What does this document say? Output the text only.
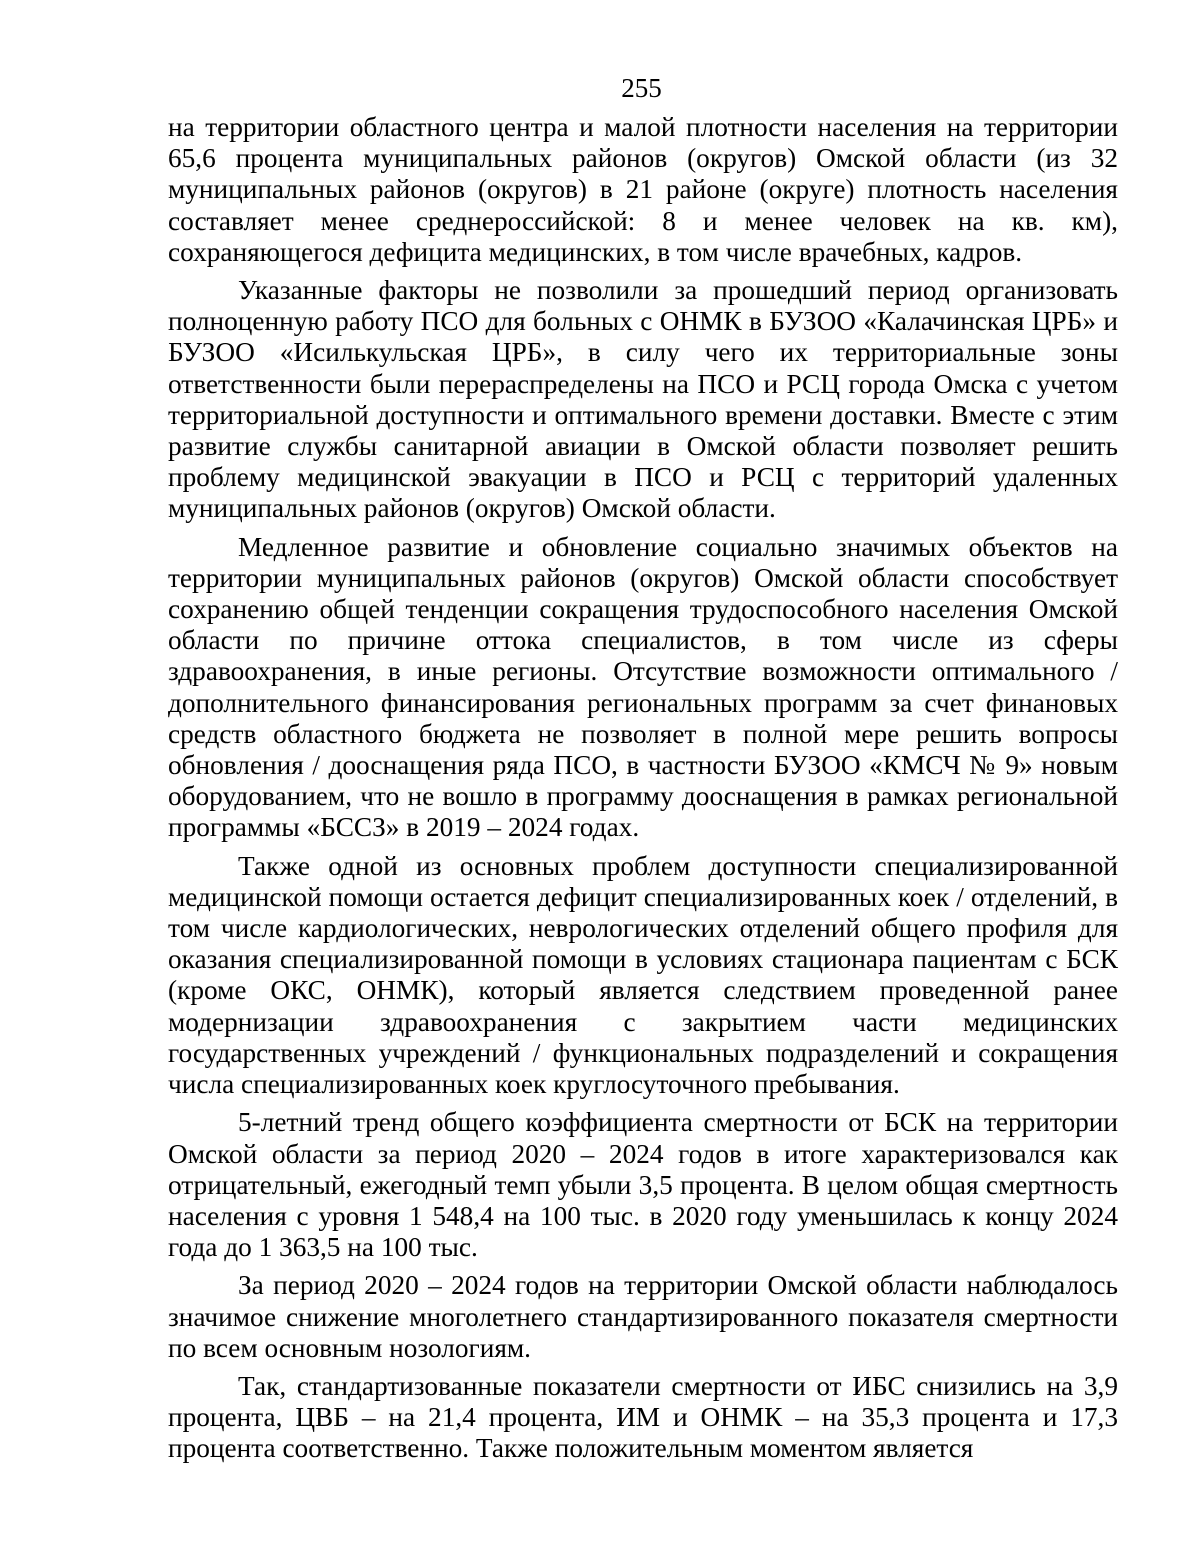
255

на территории областного центра и малой плотности населения на территории 65,6 процента муниципальных районов (округов) Омской области (из 32 муниципальных районов (округов) в 21 районе (округе) плотность населения составляет менее среднероссийской: 8 и менее человек на кв. км), сохраняющегося дефицита медицинских, в том числе врачебных, кадров.

Указанные факторы не позволили за прошедший период организовать полноценную работу ПСО для больных с ОНМК в БУЗОО «Калачинская ЦРБ» и БУЗОО «Исилькульская ЦРБ», в силу чего их территориальные зоны ответственности были перераспределены на ПСО и РСЦ города Омска с учетом территориальной доступности и оптимального времени доставки. Вместе с этим развитие службы санитарной авиации в Омской области позволяет решить проблему медицинской эвакуации в ПСО и РСЦ с территорий удаленных муниципальных районов (округов) Омской области.

Медленное развитие и обновление социально значимых объектов на территории муниципальных районов (округов) Омской области способствует сохранению общей тенденции сокращения трудоспособного населения Омской области по причине оттока специалистов, в том числе из сферы здравоохранения, в иные регионы. Отсутствие возможности оптимального / дополнительного финансирования региональных программ за счет финановых средств областного бюджета не позволяет в полной мере решить вопросы обновления / дооснащения ряда ПСО, в частности БУЗОО «КМСЧ № 9» новым оборудованием, что не вошло в программу дооснащения в рамках региональной программы «БССЗ» в 2019 – 2024 годах.

Также одной из основных проблем доступности специализированной медицинской помощи остается дефицит специализированных коек / отделений, в том числе кардиологических, неврологических отделений общего профиля для оказания специализированной помощи в условиях стационара пациентам с БСК (кроме ОКС, ОНМК), который является следствием проведенной ранее модернизации здравоохранения с закрытием части медицинских государственных учреждений / функциональных подразделений и сокращения числа специализированных коек круглосуточного пребывания.

5-летний тренд общего коэффициента смертности от БСК на территории Омской области за период 2020 – 2024 годов в итоге характеризовался как отрицательный, ежегодный темп убыли 3,5 процента. В целом общая смертность населения с уровня 1 548,4 на 100 тыс. в 2020 году уменьшилась к концу 2024 года до 1 363,5 на 100 тыс.

За период 2020 – 2024 годов на территории Омской области наблюдалось значимое снижение многолетнего стандартизированного показателя смертности по всем основным нозологиям.

Так, стандартизованные показатели смертности от ИБС снизились на 3,9 процента, ЦВБ – на 21,4 процента, ИМ и ОНМК – на 35,3 процента и 17,3 процента соответственно. Также положительным моментом является
